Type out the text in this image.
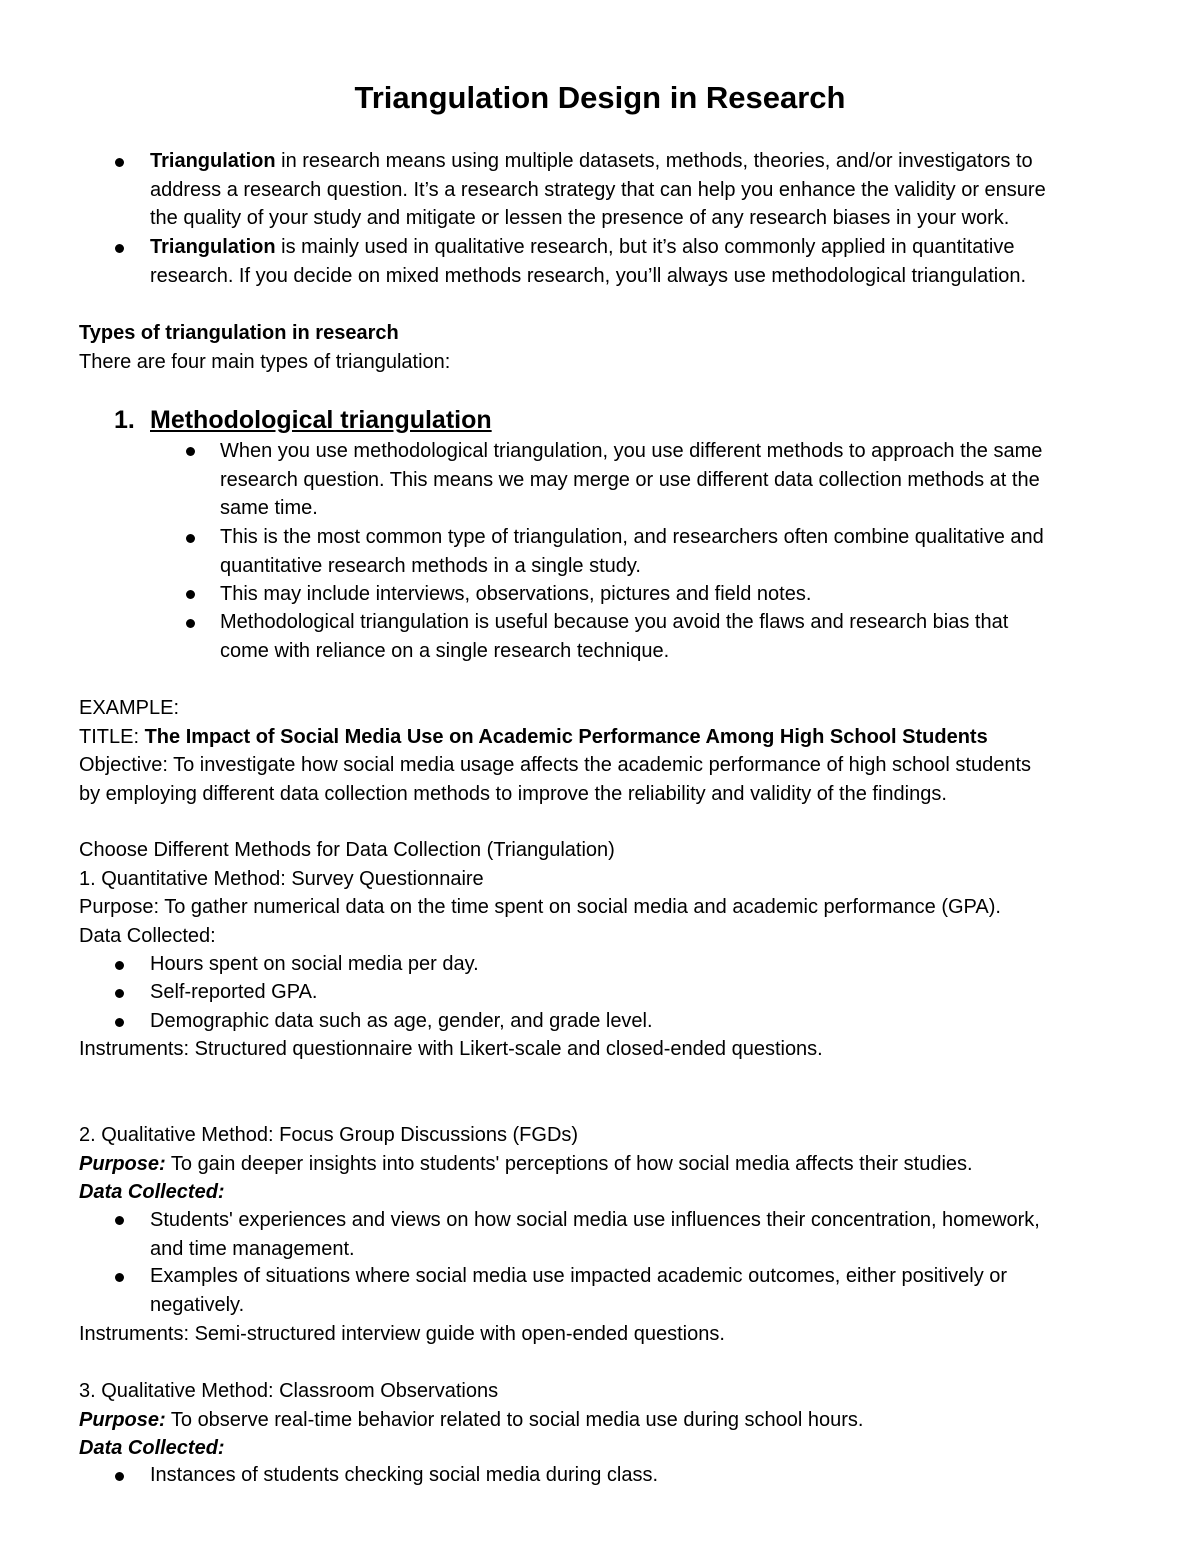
Triangulation Design in Research

Triangulation in research means using multiple datasets, methods, theories, and/or investigators to

address a research question. It’s a research strategy that can help you enhance the validity or ensure

the quality of your study and mitigate or lessen the presence of any research biases in your work.

Triangulation is mainly used in qualitative research, but it’s also commonly applied in quantitative

research. If you decide on mixed methods research, you’ll always use methodological triangulation.

Types of triangulation in research

There are four main types of triangulation:

1. Methodological triangulation

When you use methodological triangulation, you use different methods to approach the same

research question. This means we may merge or use different data collection methods at the

same time.

This is the most common type of triangulation, and researchers often combine qualitative and

quantitative research methods in a single study.

This may include interviews, observations, pictures and field notes.

Methodological triangulation is useful because you avoid the flaws and research bias that

come with reliance on a single research technique.

EXAMPLE:

TITLE: The Impact of Social Media Use on Academic Performance Among High School Students

Objective: To investigate how social media usage affects the academic performance of high school students

by employing different data collection methods to improve the reliability and validity of the findings.

Choose Different Methods for Data Collection (Triangulation)

1. Quantitative Method: Survey Questionnaire

Purpose: To gather numerical data on the time spent on social media and academic performance (GPA).

Data Collected:

Hours spent on social media per day.

Self-reported GPA.

Demographic data such as age, gender, and grade level.

Instruments: Structured questionnaire with Likert-scale and closed-ended questions.

2. Qualitative Method: Focus Group Discussions (FGDs)

Purpose: To gain deeper insights into students' perceptions of how social media affects their studies.

Data Collected:

Students' experiences and views on how social media use influences their concentration, homework,

and time management.

Examples of situations where social media use impacted academic outcomes, either positively or

negatively.

Instruments: Semi-structured interview guide with open-ended questions.

3. Qualitative Method: Classroom Observations

Purpose: To observe real-time behavior related to social media use during school hours.

Data Collected:

Instances of students checking social media during class.
